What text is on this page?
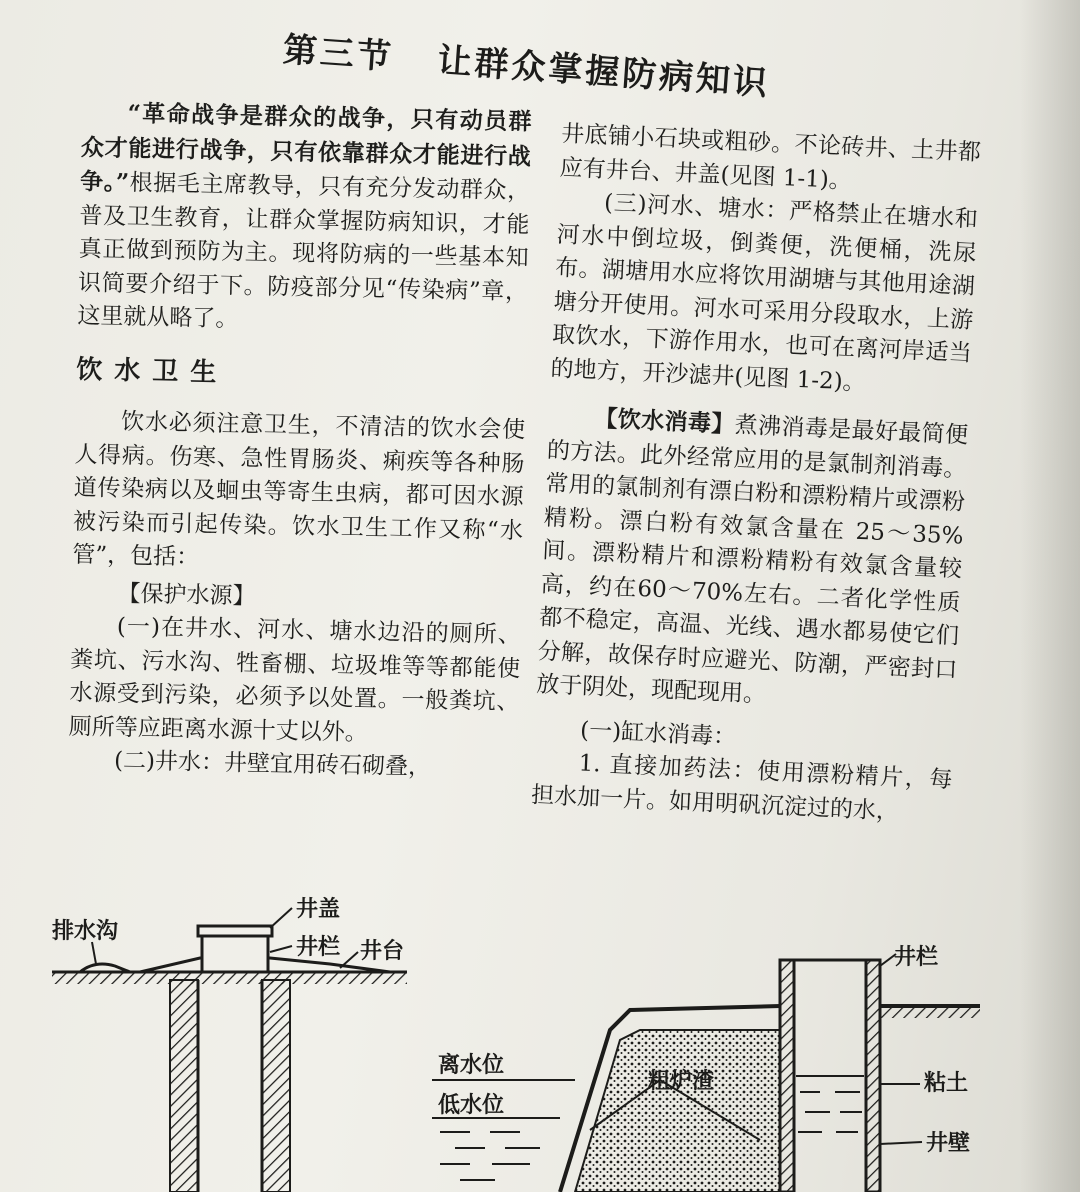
第三节 让群众掌握防病知识

“革命战争是群众的战争，只有动员群众才能进行战争，只有依靠群众才能进行战争。”根据毛主席教导，只有充分发动群众，普及卫生教育，让群众掌握防病知识，才能真正做到预防为主。现将防病的一些基本知识简要介绍于下。防疫部分见“传染病”章，这里就从略了。

饮水卫生

饮水必须注意卫生，不清洁的饮水会使人得病。伤寒、急性胃肠炎、痢疾等各种肠道传染病以及蛔虫等寄生虫病，都可因水源被污染而引起传染。饮水卫生工作又称“水管”，包括：

【保护水源】

(一)在井水、河水、塘水边沿的厕所、粪坑、污水沟、牲畜棚、垃圾堆等等都能使水源受到污染，必须予以处置。一般粪坑、厕所等应距离水源十丈以外。

(二)井水：井壁宜用砖石砌叠，

井底铺小石块或粗砂。不论砖井、土井都应有井台、井盖(见图 1-1)。

(三)河水、塘水：严格禁止在塘水和河水中倒垃圾，倒粪便，洗便桶，洗尿布。湖塘用水应将饮用湖塘与其他用途湖塘分开使用。河水可采用分段取水，上游取饮水，下游作用水，也可在离河岸适当的地方，开沙滤井(见图 1-2)。

【饮水消毒】煮沸消毒是最好最简便的方法。此外经常应用的是氯制剂消毒。常用的氯制剂有漂白粉和漂粉精片或漂粉精粉。漂白粉有效氯含量在 25～35%间。漂粉精片和漂粉精粉有效氯含量较高，约在60～70%左右。二者化学性质都不稳定，高温、光线、遇水都易使它们分解，故保存时应避光、防潮，严密封口放于阴处，现配现用。

(一)缸水消毒：

1. 直接加药法：使用漂粉精片，每担水加一片。如用明矾沉淀过的水，

排水沟
井盖
井栏 井台
离水位
低水位
粗炉渣
井栏
粘土
井壁
